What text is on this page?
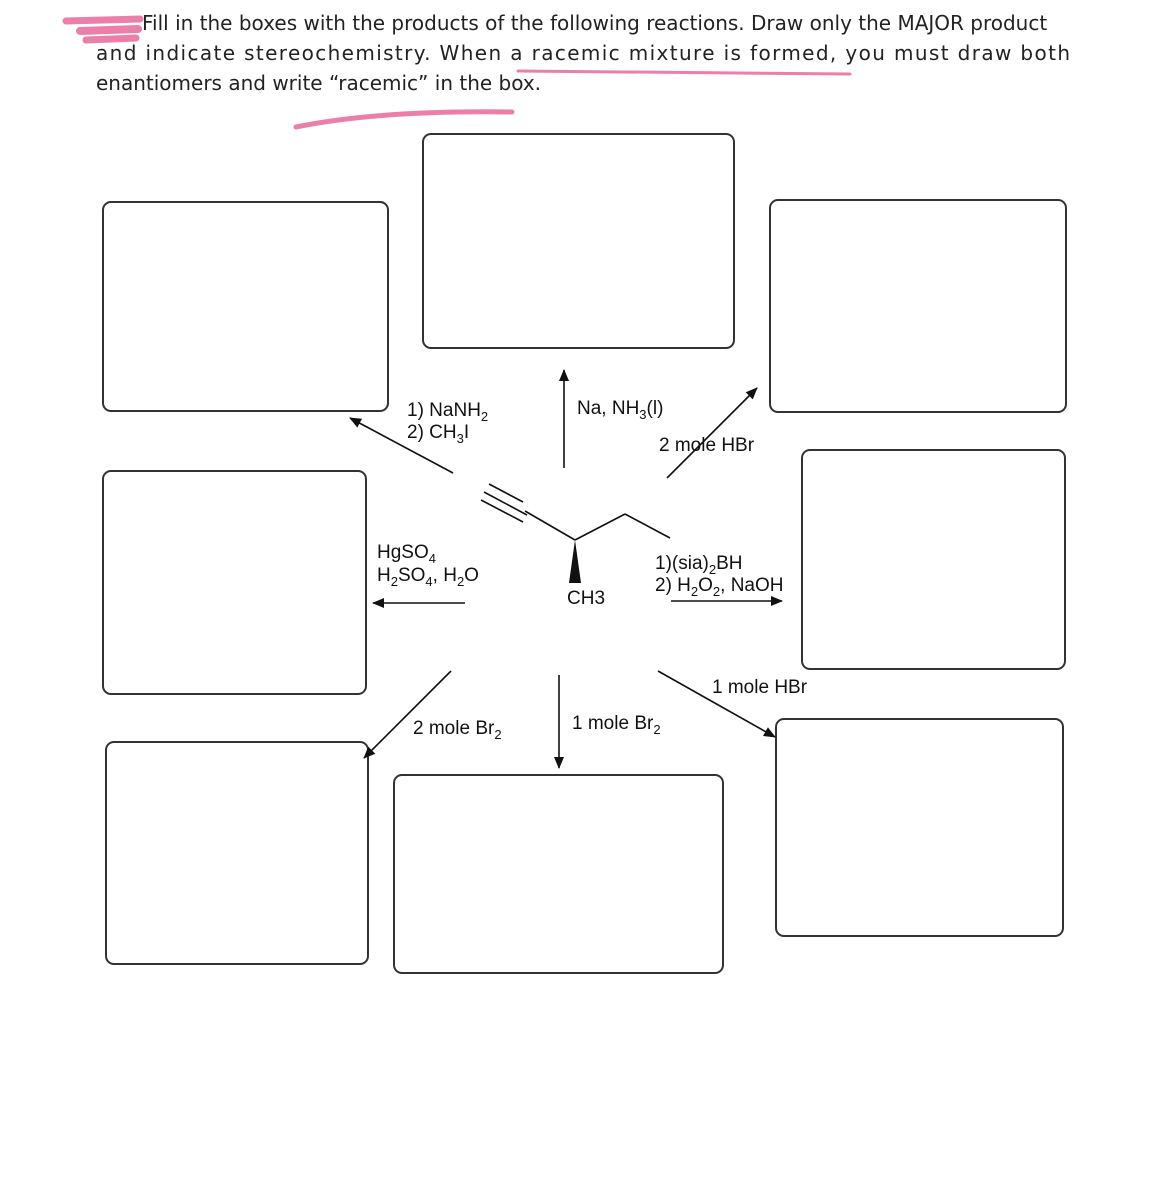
Fill in the boxes with the products of the following reactions. Draw only the MAJOR product
and indicate stereochemistry. When a racemic mixture is formed, you must draw both
enantiomers and write “racemic” in the box.
CH3
1) NaNH$_2$
2) $CH_3I$
Na, $NH_3(l)$
2 mole HBr
HgSO$_4$
$H_2SO_4$, $H_2O$
$1)(sia)_2BH$
2) $H_2O_2$, NaOH
2 mole $Br_2$
1 mole $Br_2$
1 mole HBr
